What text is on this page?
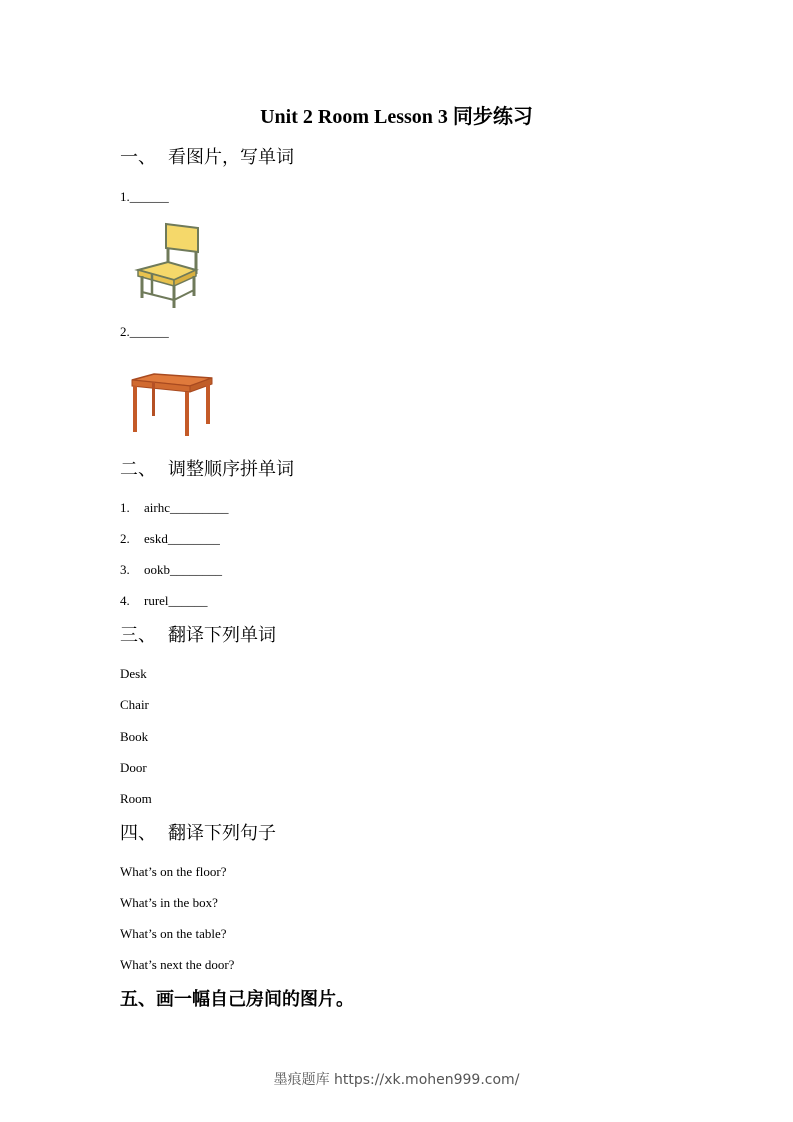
Unit 2 Room Lesson 3 同步练习
一、 看图片，写单词
1.______
2.______
二、 调整顺序拼单词
1. airhc_________
2. eskd________
3. ookb________
4. rurel______
三、 翻译下列单词
Desk
Chair
Book
Door
Room
四、 翻译下列句子
What’s on the floor?
What’s in the box?
What’s on the table?
What’s next the door?
五、画一幅自己房间的图片。
墨痕题库 https://xk.mohen999.com/
